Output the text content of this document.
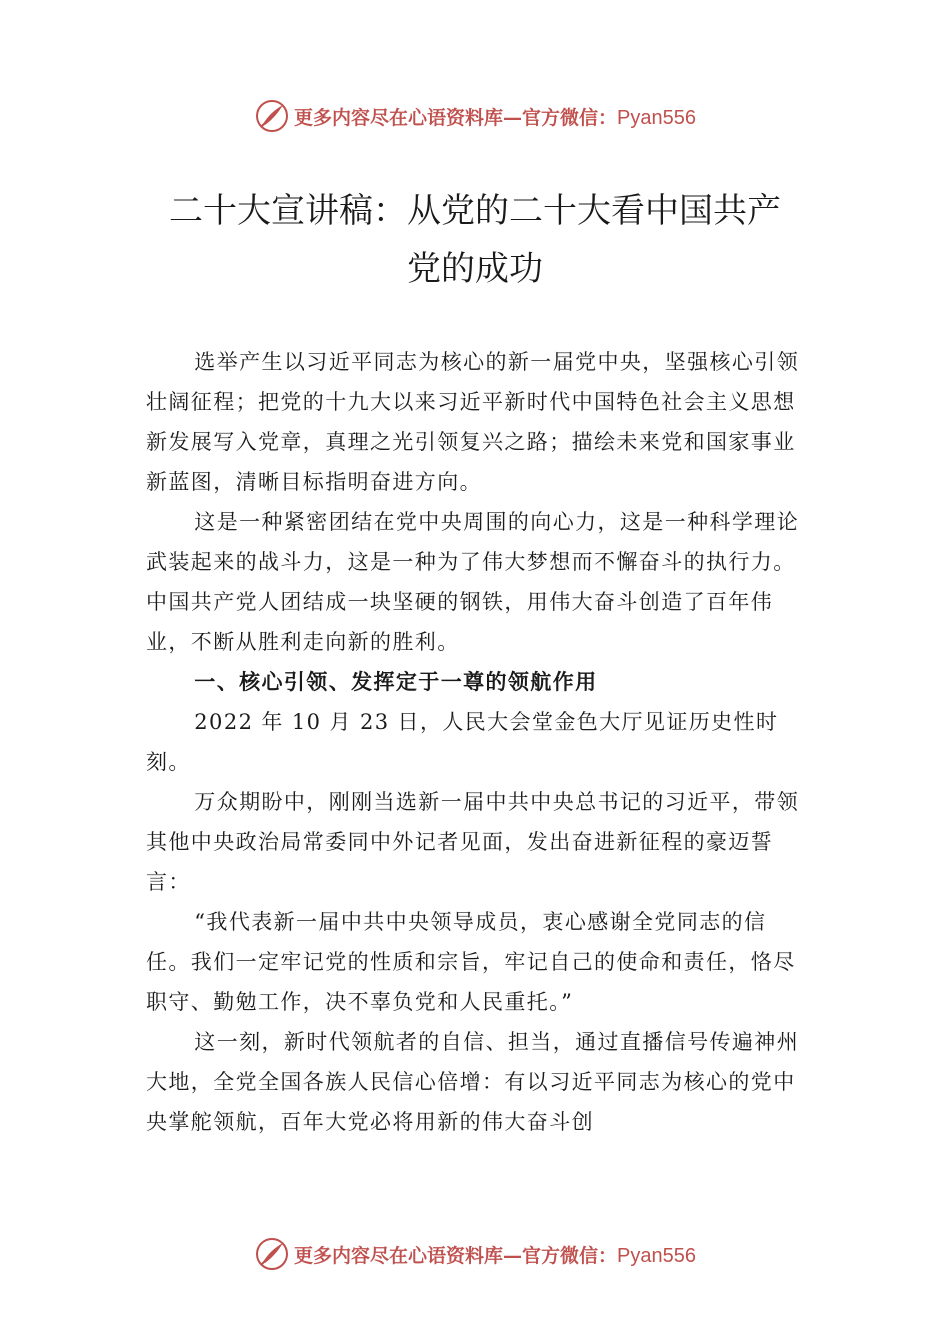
更多内容尽在心语资料库—官方微信：Pyan556
二十大宣讲稿：从党的二十大看中国共产
党的成功

选举产生以习近平同志为核心的新一届党中央，坚强核心引领壮阔征程；把党的十九大以来习近平新时代中国特色社会主义思想新发展写入党章，真理之光引领复兴之路；描绘未来党和国家事业新蓝图，清晰目标指明奋进方向。

这是一种紧密团结在党中央周围的向心力，这是一种科学理论武装起来的战斗力，这是一种为了伟大梦想而不懈奋斗的执行力。中国共产党人团结成一块坚硬的钢铁，用伟大奋斗创造了百年伟业，不断从胜利走向新的胜利。

一、核心引领、发挥定于一尊的领航作用

2022 年 10 月 23 日，人民大会堂金色大厅见证历史性时刻。

万众期盼中，刚刚当选新一届中共中央总书记的习近平，带领其他中央政治局常委同中外记者见面，发出奋进新征程的豪迈誓言：

“我代表新一届中共中央领导成员，衷心感谢全党同志的信任。我们一定牢记党的性质和宗旨，牢记自己的使命和责任，恪尽职守、勤勉工作，决不辜负党和人民重托。”

这一刻，新时代领航者的自信、担当，通过直播信号传遍神州大地，全党全国各族人民信心倍增：有以习近平同志为核心的党中央掌舵领航，百年大党必将用新的伟大奋斗创

更多内容尽在心语资料库—官方微信：Pyan556
